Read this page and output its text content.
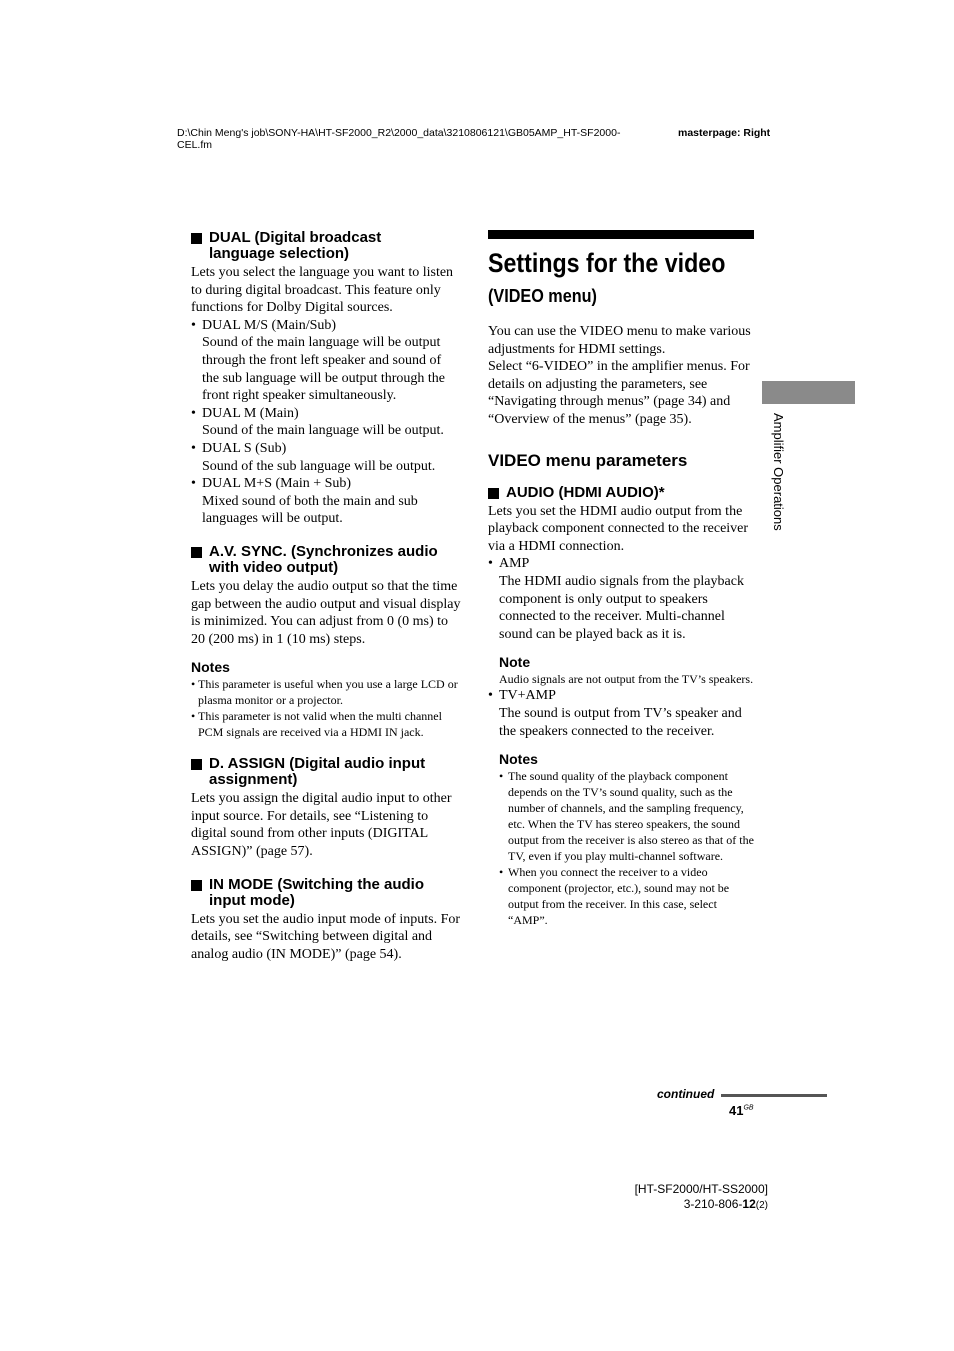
D:\Chin Meng's job\SONY-HA\HT-SF2000_R2\2000_data\3210806121\GB05AMP_HT-SF2000-
CEL.fm
masterpage: Right
DUAL (Digital broadcast
language selection)

Lets you select the language you want to listen to during digital broadcast. This feature only functions for Dolby Digital sources.

• DUAL M/S (Main/Sub)

Sound of the main language will be output through the front left speaker and sound of the sub language will be output through the front right speaker simultaneously.

• DUAL M (Main)

Sound of the main language will be output.

• DUAL S (Sub)

Sound of the sub language will be output.

• DUAL M+S (Main + Sub)

Mixed sound of both the main and sub languages will be output.

A.V. SYNC. (Synchronizes audio
with video output)

Lets you delay the audio output so that the time gap between the audio output and visual display is minimized. You can adjust from 0 (0 ms) to 20 (200 ms) in 1 (10 ms) steps.

Notes

• This parameter is useful when you use a large LCD or plasma monitor or a projector.
• This parameter is not valid when the multi channel PCM signals are received via a HDMI IN jack.
D. ASSIGN (Digital audio input
assignment)

Lets you assign the digital audio input to other input source. For details, see “Listening to digital sound from other inputs (DIGITAL ASSIGN)” (page 57).

IN MODE (Switching the audio
input mode)

Lets you set the audio input mode of inputs. For details, see “Switching between digital and analog audio (IN MODE)” (page 54).

Settings for the video
(VIDEO menu)

You can use the VIDEO menu to make various adjustments for HDMI settings.

Select “6-VIDEO” in the amplifier menus. For details on adjusting the parameters, see “Navigating through menus” (page 34) and “Overview of the menus” (page 35).

VIDEO menu parameters
AUDIO (HDMI AUDIO)*

Lets you set the HDMI audio output from the playback component connected to the receiver via a HDMI connection.

• AMP

The HDMI audio signals from the playback component is only output to speakers connected to the receiver. Multi-channel sound can be played back as it is.

Note

Audio signals are not output from the TV’s speakers.

• TV+AMP

The sound is output from TV’s speaker and the speakers connected to the receiver.

Notes

• The sound quality of the playback component depends on the TV’s sound quality, such as the number of channels, and the sampling frequency, etc. When the TV has stereo speakers, the sound output from the receiver is also stereo as that of the TV, even if you play multi-channel software.
• When you connect the receiver to a video component (projector, etc.), sound may not be output from the receiver. In this case, select “AMP”.
Amplifier Operations
continued
$41^{GB}$
[HT-SF2000/HT-SS2000]
3-210-806-12(2)
